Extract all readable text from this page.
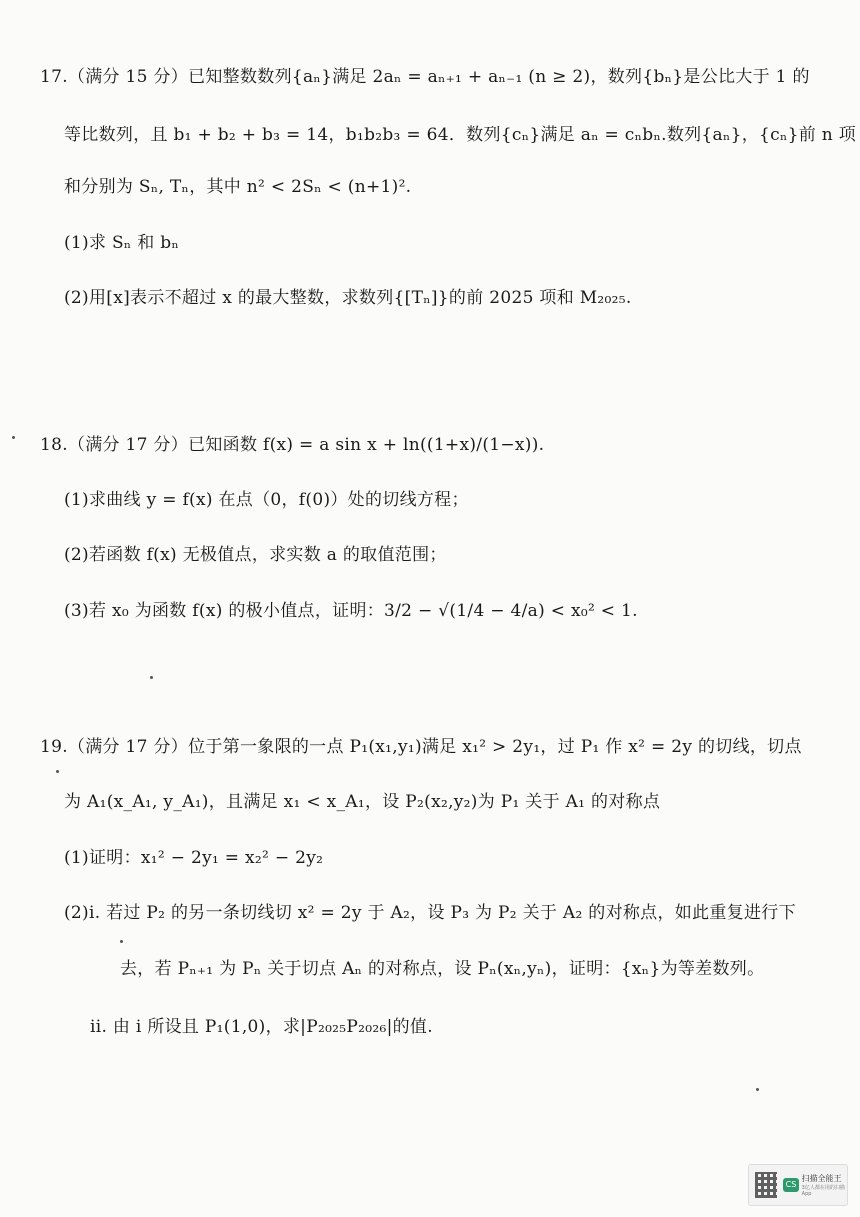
17.（满分 15 分）已知整数数列{aₙ}满足 2aₙ = aₙ₊₁ + aₙ₋₁ (n ≥ 2)，数列{bₙ}是公比大于 1 的
等比数列，且 b₁ + b₂ + b₃ = 14，b₁b₂b₃ = 64．数列{cₙ}满足 aₙ = cₙbₙ.数列{aₙ}，{cₙ}前 n 项
和分别为 Sₙ, Tₙ，其中 n² < 2Sₙ < (n+1)².
(1)求 Sₙ 和 bₙ
(2)用[x]表示不超过 x 的最大整数，求数列{[Tₙ]}的前 2025 项和 M₂₀₂₅.
18.（满分 17 分）已知函数 f(x) = a sin x + ln((1+x)/(1−x)).
(1)求曲线 y = f(x) 在点（0，f(0)）处的切线方程；
(2)若函数 f(x) 无极值点，求实数 a 的取值范围；
(3)若 x₀ 为函数 f(x) 的极小值点，证明：3/2 − √(1/4 − 4/a) < x₀² < 1.
19.（满分 17 分）位于第一象限的一点 P₁(x₁,y₁)满足 x₁² > 2y₁，过 P₁ 作 x² = 2y 的切线，切点
为 A₁(x_A₁, y_A₁)，且满足 x₁ < x_A₁，设 P₂(x₂,y₂)为 P₁ 关于 A₁ 的对称点
(1)证明：x₁² − 2y₁ = x₂² − 2y₂
(2)i. 若过 P₂ 的另一条切线切 x² = 2y 于 A₂，设 P₃ 为 P₂ 关于 A₂ 的对称点，如此重复进行下
去，若 Pₙ₊₁ 为 Pₙ 关于切点 Aₙ 的对称点，设 Pₙ(xₙ,yₙ)，证明：{xₙ}为等差数列。
ii. 由 i 所设且 P₁(1,0)，求|P₂₀₂₅P₂₀₂₆|的值.
CS
扫描全能王
3亿人都在用的扫描App
